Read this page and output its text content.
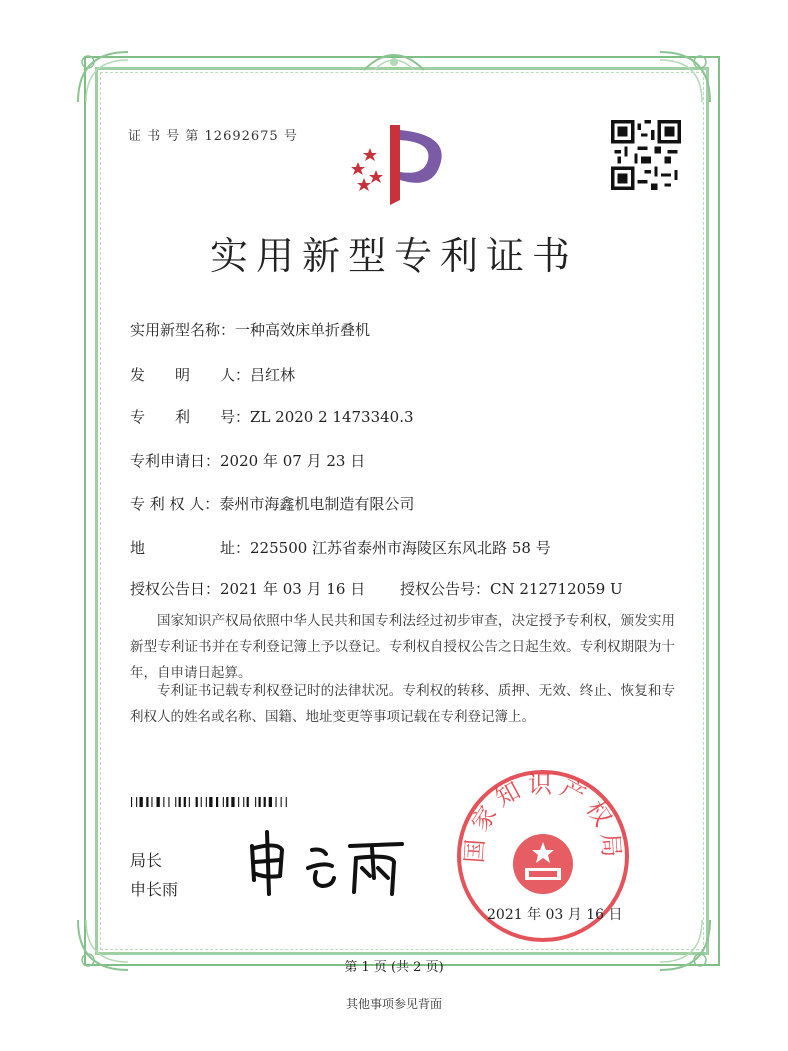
证 书 号 第 12692675 号
实用新型专利证书
实用新型名称：一种高效床单折叠机
发　　明　　人：吕红林
专　　利　　号：ZL 2020 2 1473340.3
专利申请日：2020 年 07 月 23 日
专 利 权 人：泰州市海鑫机电制造有限公司
地　　　　　址：225500 江苏省泰州市海陵区东风北路 58 号
授权公告日：2021 年 03 月 16 日 授权公告号：CN 212712059 U
国家知识产权局依照中华人民共和国专利法经过初步审查，决定授予专利权，颁发实用新型专利证书并在专利登记簿上予以登记。专利权自授权公告之日起生效。专利权期限为十年，自申请日起算。
专利证书记载专利权登记时的法律状况。专利权的转移、质押、无效、终止、恢复和专利权人的姓名或名称、国籍、地址变更等事项记载在专利登记簿上。
局长
申长雨
国家知识产权局
2021 年 03 月 16 日
第 1 页 (共 2 页)
其他事项参见背面
